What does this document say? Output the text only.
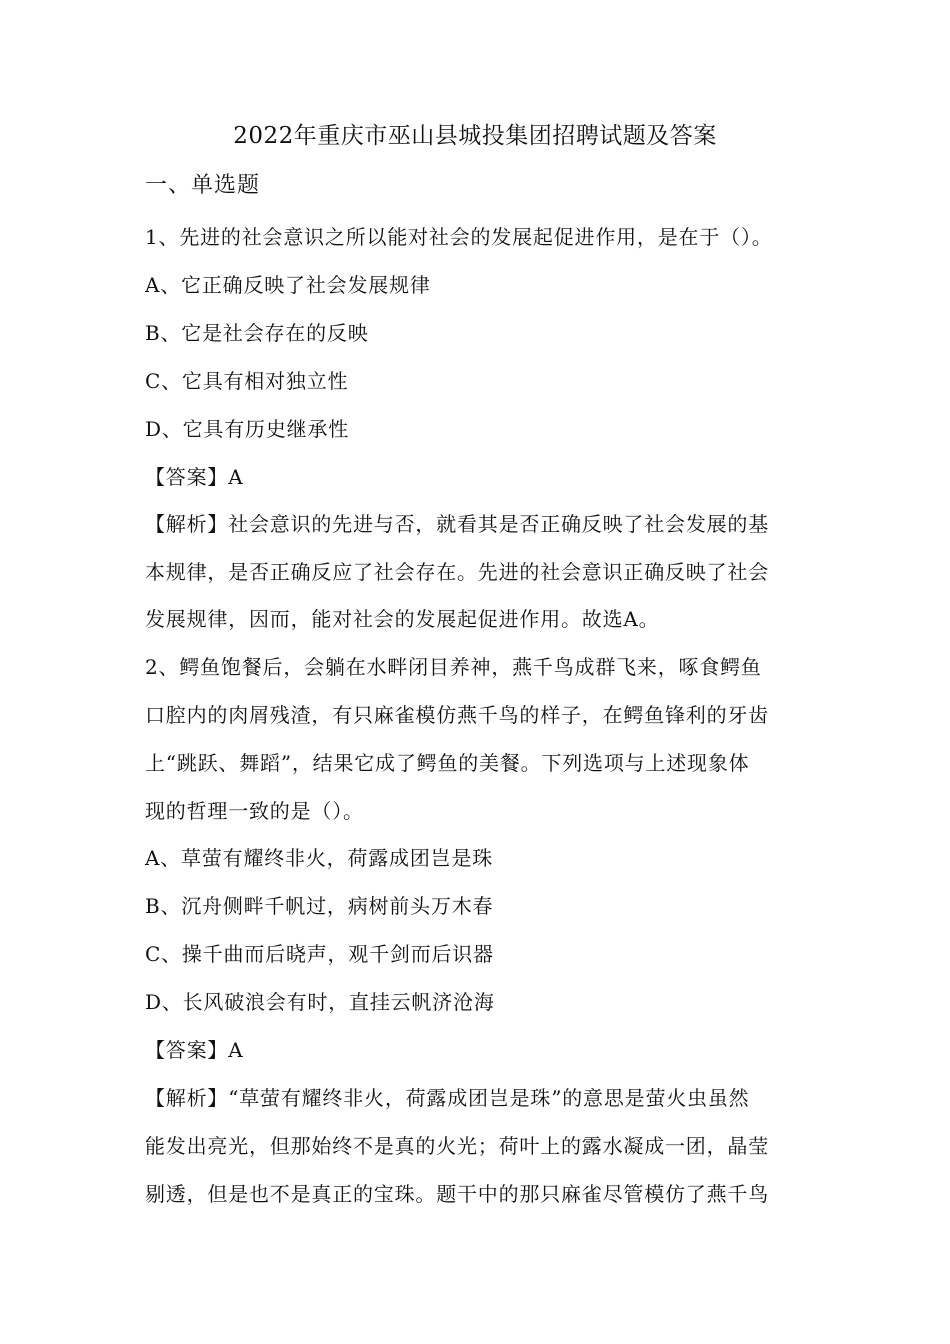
2022年重庆市巫山县城投集团招聘试题及答案
一、单选题
1、先进的社会意识之所以能对社会的发展起促进作用，是在于（）。
A、它正确反映了社会发展规律
B、它是社会存在的反映
C、它具有相对独立性
D、它具有历史继承性
【答案】A
【解析】社会意识的先进与否，就看其是否正确反映了社会发展的基
本规律，是否正确反应了社会存在。先进的社会意识正确反映了社会
发展规律，因而，能对社会的发展起促进作用。故选A。
2、鳄鱼饱餐后，会躺在水畔闭目养神，燕千鸟成群飞来，啄食鳄鱼
口腔内的肉屑残渣，有只麻雀模仿燕千鸟的样子，在鳄鱼锋利的牙齿
上“跳跃、舞蹈”，结果它成了鳄鱼的美餐。下列选项与上述现象体
现的哲理一致的是（）。
A、草萤有耀终非火，荷露成团岂是珠
B、沉舟侧畔千帆过，病树前头万木春
C、操千曲而后晓声，观千剑而后识器
D、长风破浪会有时，直挂云帆济沧海
【答案】A
【解析】“草萤有耀终非火，荷露成团岂是珠”的意思是萤火虫虽然
能发出亮光，但那始终不是真的火光；荷叶上的露水凝成一团，晶莹
剔透，但是也不是真正的宝珠。题干中的那只麻雀尽管模仿了燕千鸟
